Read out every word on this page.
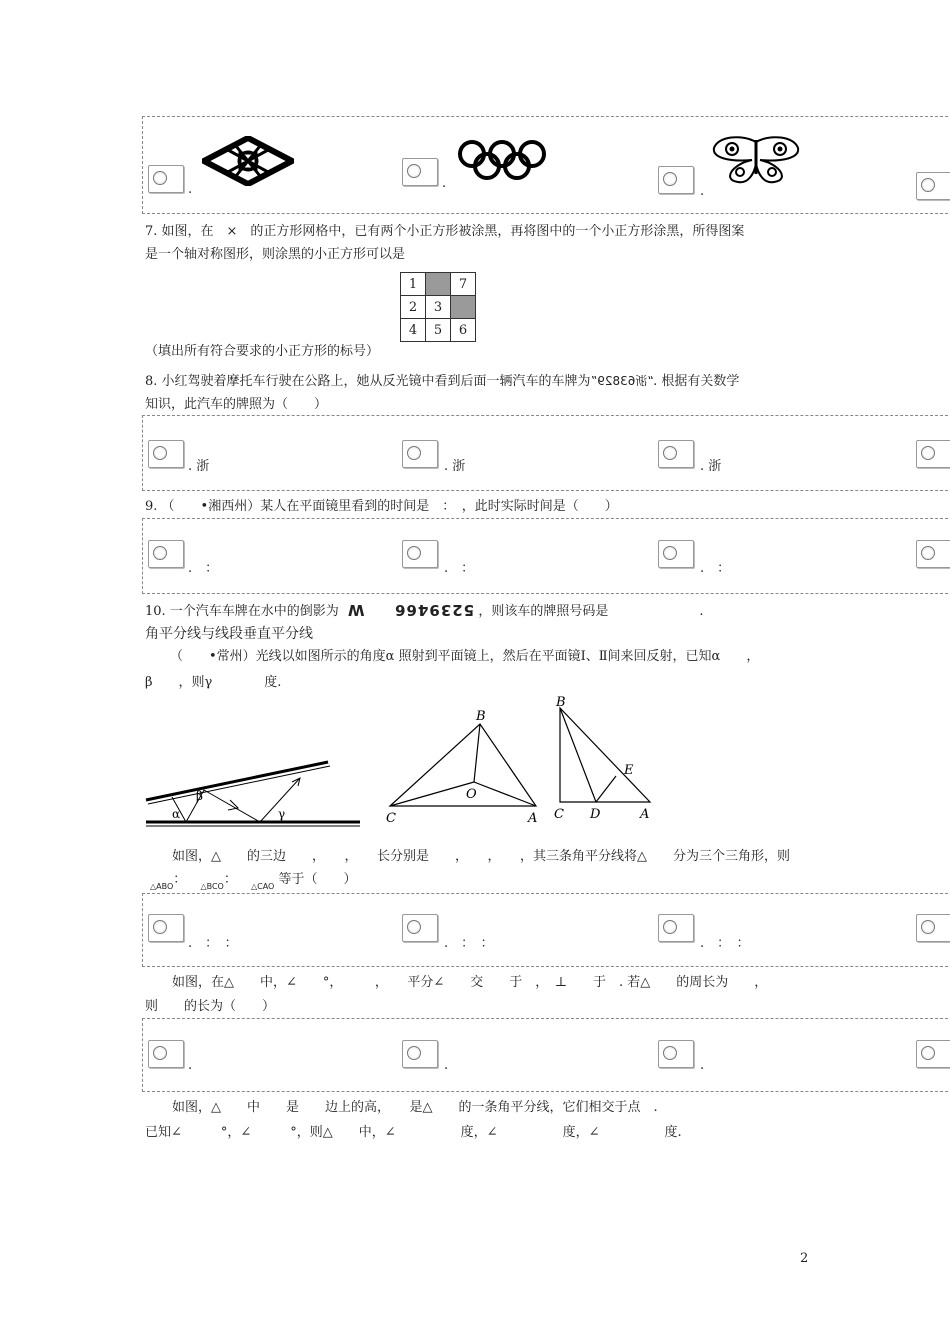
.	.
.
7. 如图，在　×　的正方形网格中，已有两个小正方形被涂黑，再将图中的一个小正方形涂黑，所得图案
是一个轴对称图形，则涂黑的小正方形可以是
1		7
2	3	
4	5	6
（填出所有符合要求的小正方形的标号）
8. 小红驾驶着摩托车行驶在公路上，她从反光镜中看到后面一辆汽车的车牌为“浙63829”. 根据有关数学
知识，此汽车的牌照为（　　）
. 浙	. 浙	. 浙
9. （　　•湘西州）某人在平面镜里看到的时间是　：　，此时实际时间是（　　）
.　：	.　：	.　：
10. 一个汽车车牌在水中的倒影为 W 5239466 ，则该车的牌照号码是　　　　　　　.
角平分线与线段垂直平分线
（　　•常州）光线以如图所示的角度α 照射到平面镜上，然后在平面镜Ⅰ、Ⅱ间来回反射，已知α　　，
β　　，则γ　　　　度.
α
β
γ
B
C	A
O
B
C D	A
E
如图，△　　的三边　　，　　，　　长分别是　　，　　，　　，其三条角平分线将△　　分为三个三角形，则
$_{\triangle ABO}$： $_{\triangle BCO}$： $_{\triangle CAO}$ 等于（　　）
.　：　：	.　：　：	.　：　：
如图，在△　　中，∠　　°，　　　，　　平分∠　　交　　于　，　⊥　　于　. 若△　　的周长为　　，
则　　的长为（　　）
.	.	.
如图，△　　中　　是　　边上的高，　　是△　　的一条角平分线，它们相交于点　.
已知∠　　　°，∠　　　°，则△　　中，∠　　　　　度，∠　　　　　度，∠　　　　　度.
2
